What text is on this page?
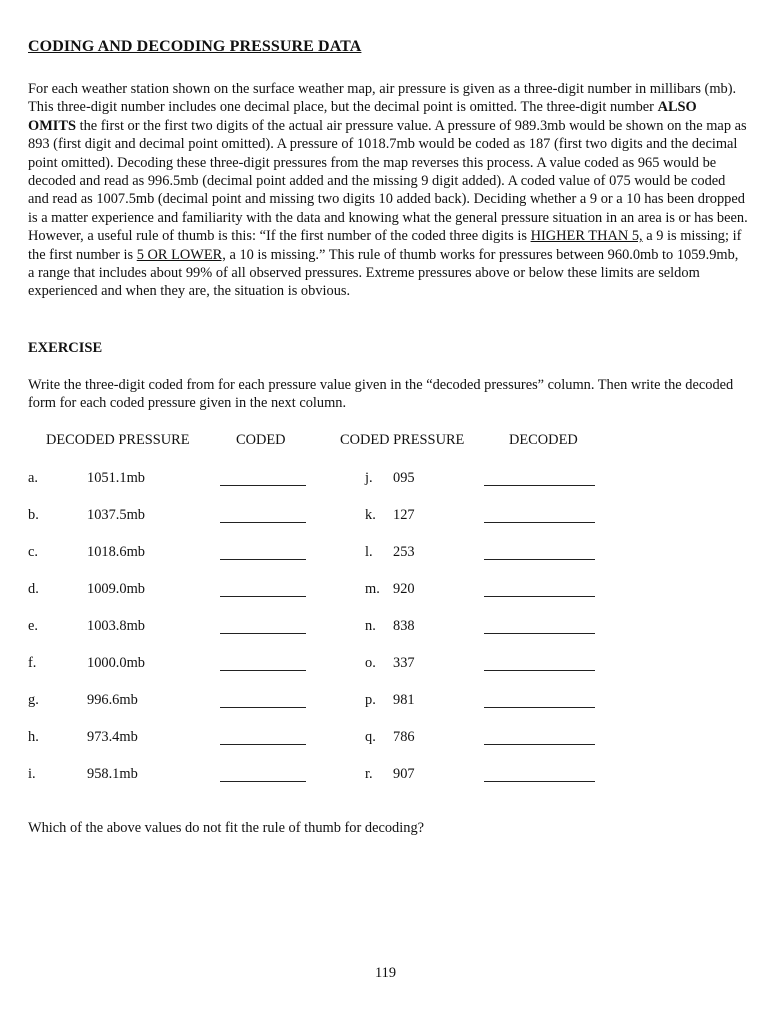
CODING AND DECODING PRESSURE DATA
For each weather station shown on the surface weather map, air pressure is given as a three-digit number in millibars (mb). This three-digit number includes one decimal place, but the decimal point is omitted. The three-digit number ALSO OMITS the first or the first two digits of the actual air pressure value. A pressure of 989.3mb would be shown on the map as 893 (first digit and decimal point omitted). A pressure of 1018.7mb would be coded as 187 (first two digits and the decimal point omitted). Decoding these three-digit pressures from the map reverses this process. A value coded as 965 would be decoded and read as 996.5mb (decimal point added and the missing 9 digit added). A coded value of 075 would be coded and read as 1007.5mb (decimal point and missing two digits 10 added back). Deciding whether a 9 or a 10 has been dropped is a matter experience and familiarity with the data and knowing what the general pressure situation in an area is or has been. However, a useful rule of thumb is this: “If the first number of the coded three digits is HIGHER THAN 5, a 9 is missing; if the first number is 5 OR LOWER, a 10 is missing.” This rule of thumb works for pressures between 960.0mb to 1059.9mb, a range that includes about 99% of all observed pressures. Extreme pressures above or below these limits are seldom experienced and when they are, the situation is obvious.
EXERCISE
Write the three-digit coded from for each pressure value given in the “decoded pressures” column. Then write the decoded form for each coded pressure given in the next column.
DECODED PRESSURE	CODED	CODED PRESSURE	DECODED
a.	1051.1mb	j. 095
b.	1037.5mb	k. 127
c.	1018.6mb	l. 253
d.	1009.0mb	m. 920
e.	1003.8mb	n. 838
f.	1000.0mb	o. 337
g.	996.6mb	p. 981
h.	973.4mb	q. 786
i.	958.1mb	r. 907
Which of the above values do not fit the rule of thumb for decoding?
119
